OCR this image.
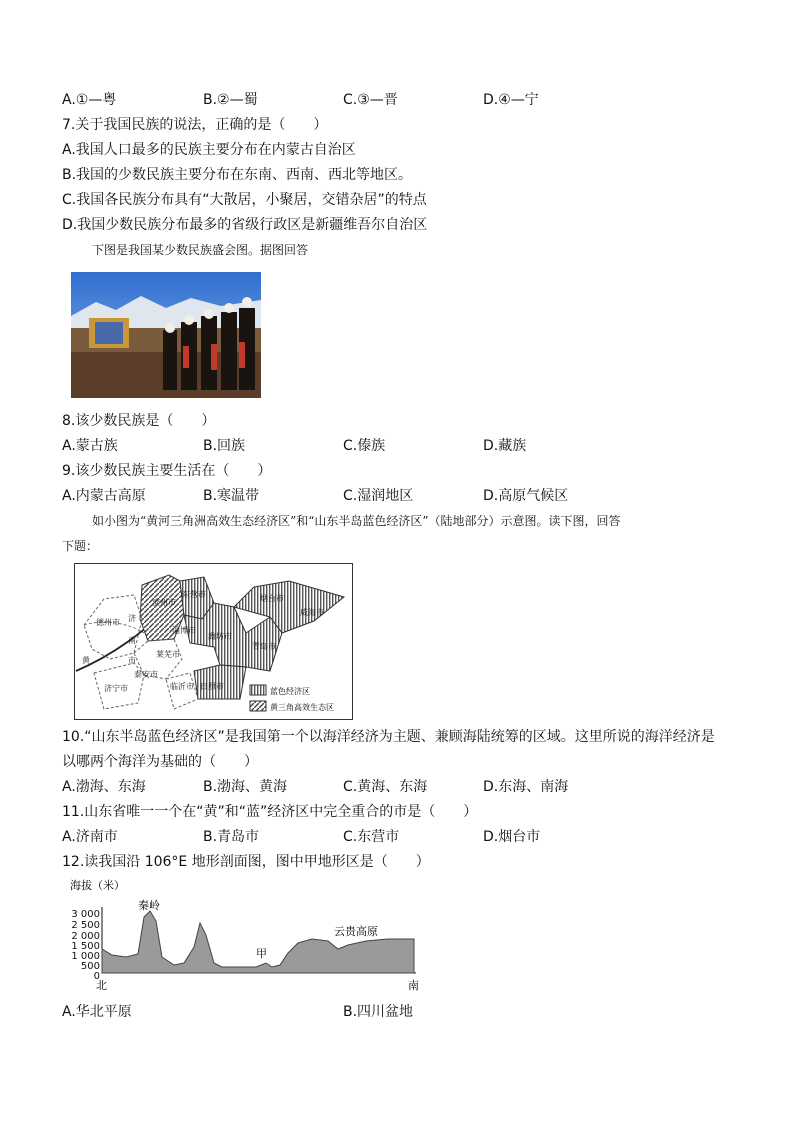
A.①—粤	B.②—蜀	C.③—晋	D.④—宁
7.关于我国民族的说法，正确的是（　　）
A.我国人口最多的民族主要分布在内蒙古自治区
B.我国的少数民族主要分布在东南、西南、西北等地区。
C.我国各民族分布具有“大散居，小聚居，交错杂居”的特点
D.我国少数民族分布最多的省级行政区是新疆维吾尔自治区
下图是我国某少数民族盛会图。据图回答
8.该少数民族是（　　）
A.蒙古族	B.回族	C.傣族	D.藏族
9.该少数民族主要生活在（　　）
A.内蒙古高原	B.寒温带	C.湿润地区	D.高原气候区
如小图为“黄河三角洲高效生态经济区”和“山东半岛蓝色经济区”（陆地部分）示意图。读下图，回答
下题：
德州市 济
南
市
滨州市
东营市	烟台市
威海市
潍坊市
青岛市
淄博市
莱芜市
泰安市
济宁市	临沂市 日照市
黄
蓝色经济区
黄三角高效生态区
10.“山东半岛蓝色经济区”是我国第一个以海洋经济为主题、兼顾海陆统筹的区域。这里所说的海洋经济是
以哪两个海洋为基础的（　　）
A.渤海、东海	B.渤海、黄海	C.黄海、东海	D.东海、南海
11.山东省唯一一个在“黄”和“蓝”经济区中完全重合的市是（　　）
A.济南市	B.青岛市	C.东营市	D.烟台市
12.读我国沿 106°E 地形剖面图，图中甲地形区是（　　）
海拔（米）
3 000
2 500
2 000
1 500
1 000
500
0
秦岭
甲
云贵高原
北	南
A.华北平原	B.四川盆地
